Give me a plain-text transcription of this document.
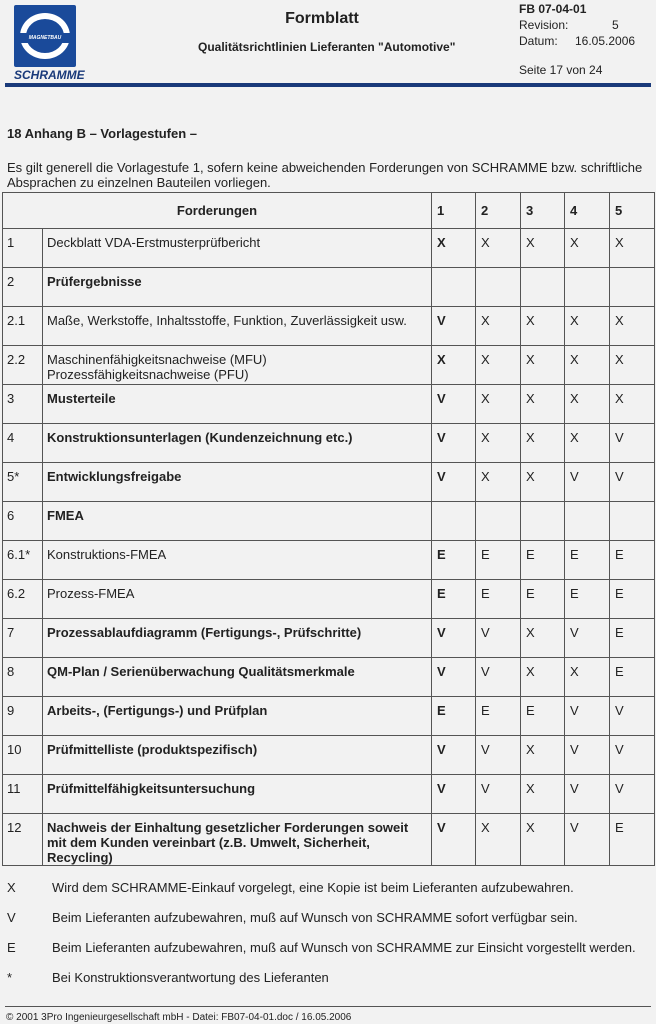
MAGNETBAU
SCHRAMME
Formblatt
Qualitätsrichtlinien Lieferanten "Automotive"
FB 07-04-01
Revision:	5
Datum: 16.05.2006
Seite 17 von 24
18 Anhang B – Vorlagestufen –
Es gilt generell die Vorlagestufe 1, sofern keine abweichenden Forderungen von SCHRAMME bzw. schriftliche Absprachen zu einzelnen Bauteilen vorliegen.
Forderungen		1	2	3	4	5
1	Deckblatt VDA-Erstmusterprüfbericht	X	X	X	X	X
2	Prüfergebnisse					
2.1	Maße, Werkstoffe, Inhaltsstoffe, Funktion, Zuverlässigkeit usw.	V	X	X	X	X
2.2	Maschinenfähigkeitsnachweise (MFU)
Prozessfähigkeitsnachweise (PFU)	X	X	X	X	X
3	Musterteile	V	X	X	X	X
4	Konstruktionsunterlagen (Kundenzeichnung etc.)	V	X	X	X	V
5*	Entwicklungsfreigabe	V	X	X	V	V
6	FMEA					
6.1*	Konstruktions-FMEA	E	E	E	E	E
6.2	Prozess-FMEA	E	E	E	E	E
7	Prozessablaufdiagramm (Fertigungs-, Prüfschritte)	V	V	X	V	E
8	QM-Plan / Serienüberwachung Qualitätsmerkmale	V	V	X	X	E
9	Arbeits-, (Fertigungs-) und Prüfplan	E	E	E	V	V
10	Prüfmittelliste (produktspezifisch)	V	V	X	V	V
11	Prüfmittelfähigkeitsuntersuchung	V	V	X	V	V
12	Nachweis der Einhaltung gesetzlicher Forderungen soweit mit dem Kunden vereinbart (z.B. Umwelt, Sicherheit, Recycling)	V	X	X	V	E
X	Wird dem SCHRAMME-Einkauf vorgelegt, eine Kopie ist beim Lieferanten aufzubewahren.
V	Beim Lieferanten aufzubewahren, muß auf Wunsch von SCHRAMME sofort verfügbar sein.
E	Beim Lieferanten aufzubewahren, muß auf Wunsch von SCHRAMME zur Einsicht vorgestellt werden.
*	Bei Konstruktionsverantwortung des Lieferanten
© 2001 3Pro Ingenieurgesellschaft mbH - Datei: FB07-04-01.doc / 16.05.2006
